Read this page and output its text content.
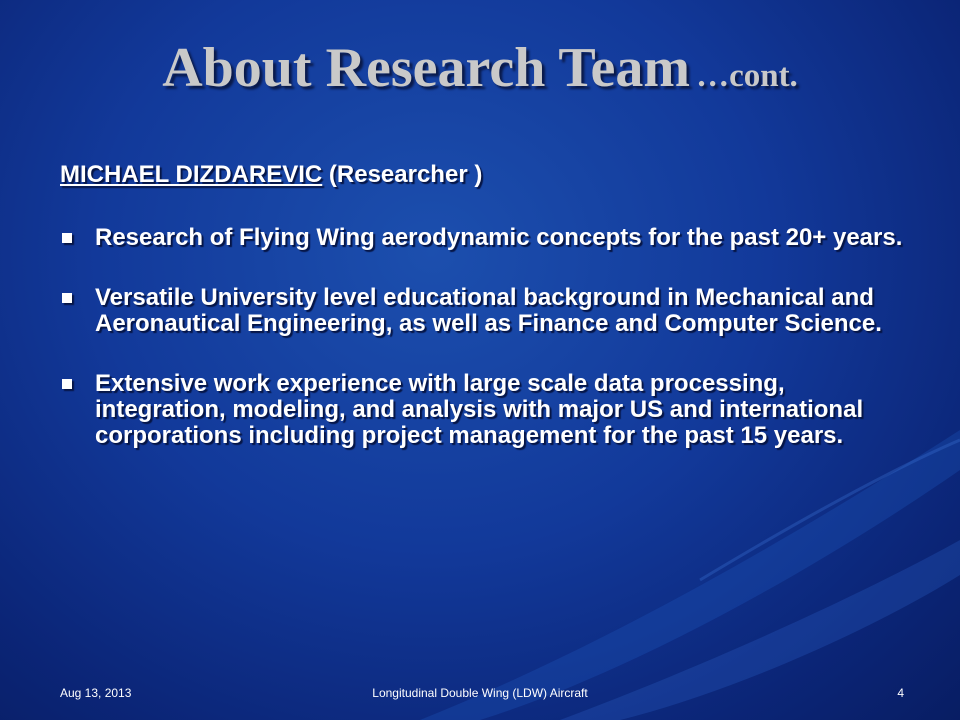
About Research Team …cont.
MICHAEL DIZDAREVIC (Researcher )
Research of Flying Wing aerodynamic concepts for the past 20+ years.
Versatile University level educational background in Mechanical and Aeronautical Engineering, as well as Finance and Computer Science.
Extensive work experience with large scale data processing, integration, modeling, and analysis with major US and international corporations including project management for the past 15 years.
Aug 13, 2013	Longitudinal Double Wing (LDW) Aircraft	4
